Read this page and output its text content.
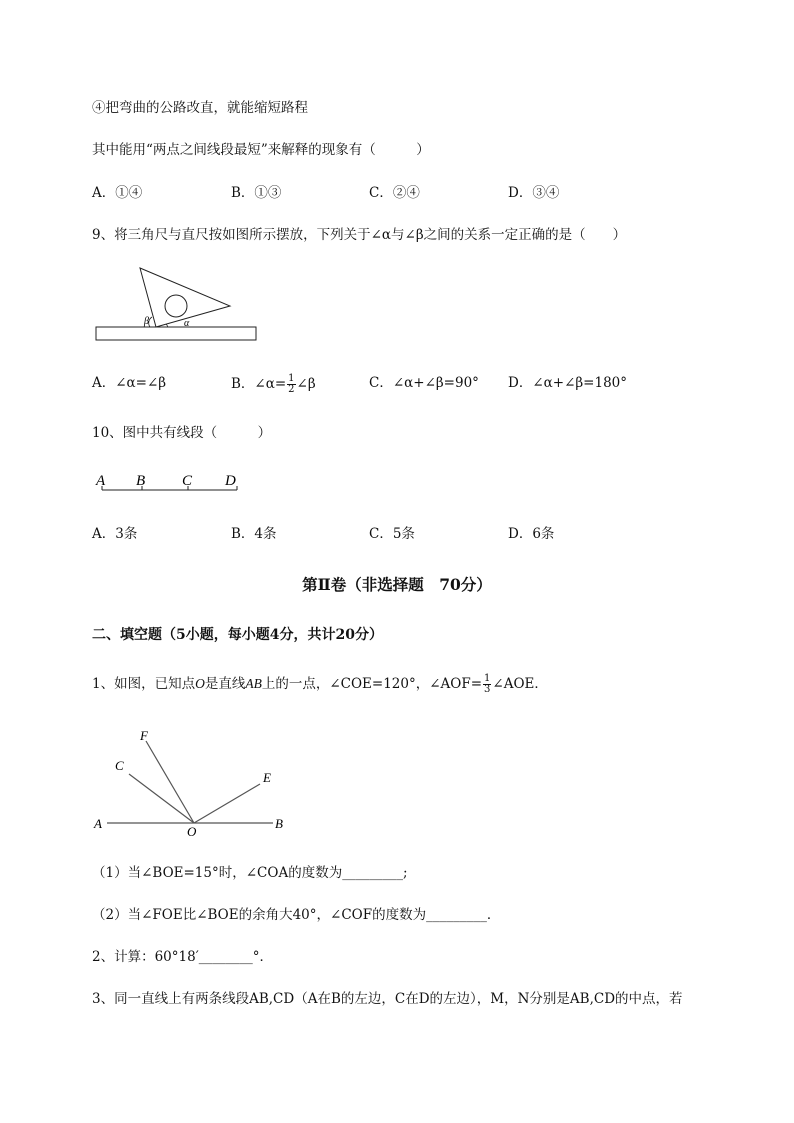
④把弯曲的公路改直，就能缩短路程
其中能用“两点之间线段最短”来解释的现象有（　　　）
A．①④	B．①③	C．②④	D．③④
9、将三角尺与直尺按如图所示摆放，下列关于∠α与∠β之间的关系一定正确的是（　　）
β	α
A．∠α=∠β	B．∠α= $\frac{1}{2}$ ∠β	C．∠α+∠β=90° D．∠α+∠β=180°
10、图中共有线段（　　　）
A B C D
A．3条	B．4条	C．5条	D．6条
第Ⅱ卷（非选择题　70分）
二、填空题（5小题，每小题4分，共计20分）
1、如图，已知点O是直线AB上的一点，∠COE=120°，∠AOF= $\frac{1}{3}$ ∠AOE．
F
C
E
A
O
B
（1）当∠BOE=15°时，∠COA的度数为_________;
（2）当∠FOE比∠BOE的余角大40°，∠COF的度数为_________．
2、计算：60°18′________°．
3、同一直线上有两条线段AB,CD（A在B的左边，C在D的左边），M，N分别是AB,CD的中点，若
